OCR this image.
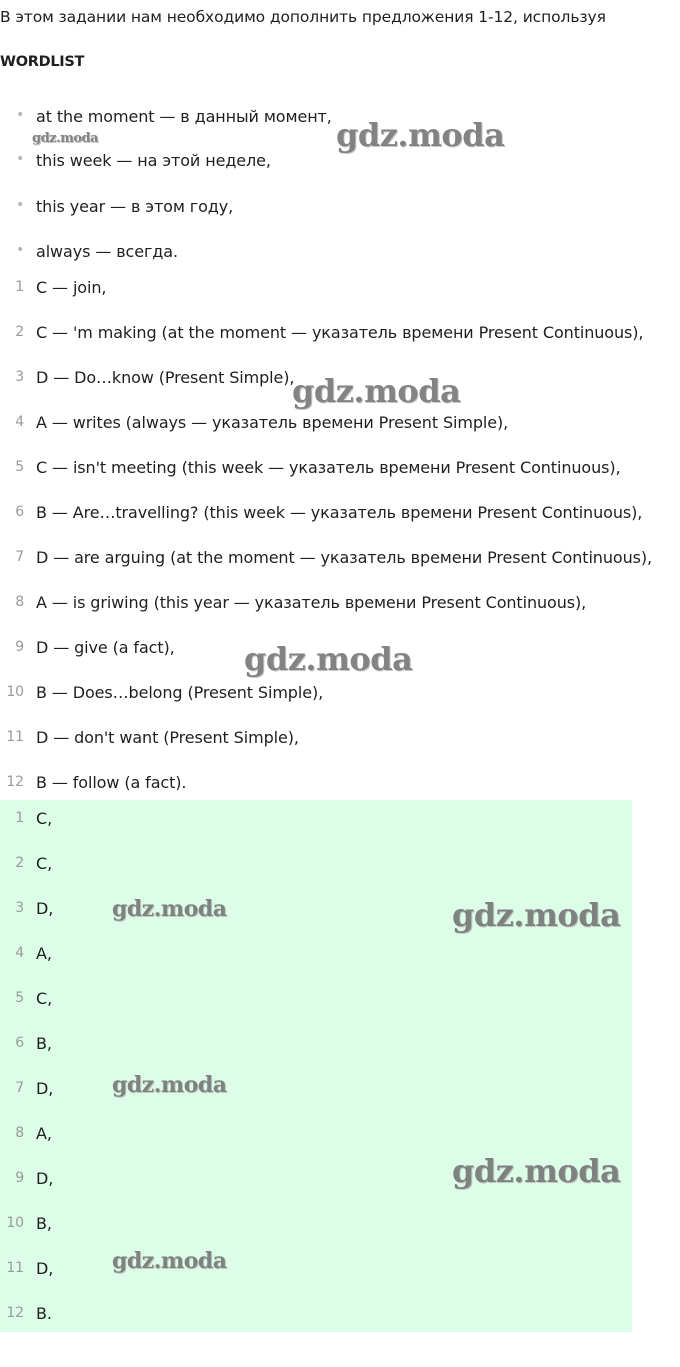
В этом задании нам необходимо дополнить предложения 1-12, используя
WORDLIST
• at the moment — в данный момент,
• this week — на этой неделе,
• this year — в этом году,
• always — всегда.
1 C — join,
2 C — 'm making (at the moment — указатель времени Present Continuous),
3 D — Do…know (Present Simple),
4 A — writes (always — указатель времени Present Simple),
5 C — isn't meeting (this week — указатель времени Present Continuous),
6 B — Are…travelling? (this week — указатель времени Present Continuous),
7 D — are arguing (at the moment — указатель времени Present Continuous),
8 A — is griwing (this year — указатель времени Present Continuous),
9 D — give (a fact),
10 B — Does…belong (Present Simple),
11 D — don't want (Present Simple),
12 B — follow (a fact).
1 C,
2 C,
3 D,
4 A,
5 C,
6 B,
7 D,
8 A,
9 D,
10 B,
11 D,
12 B.
gdz.moda	gdz.moda
gdz.moda
gdz.moda
gdz.moda	gdz.moda
gdz.moda
gdz.moda
gdz.moda
